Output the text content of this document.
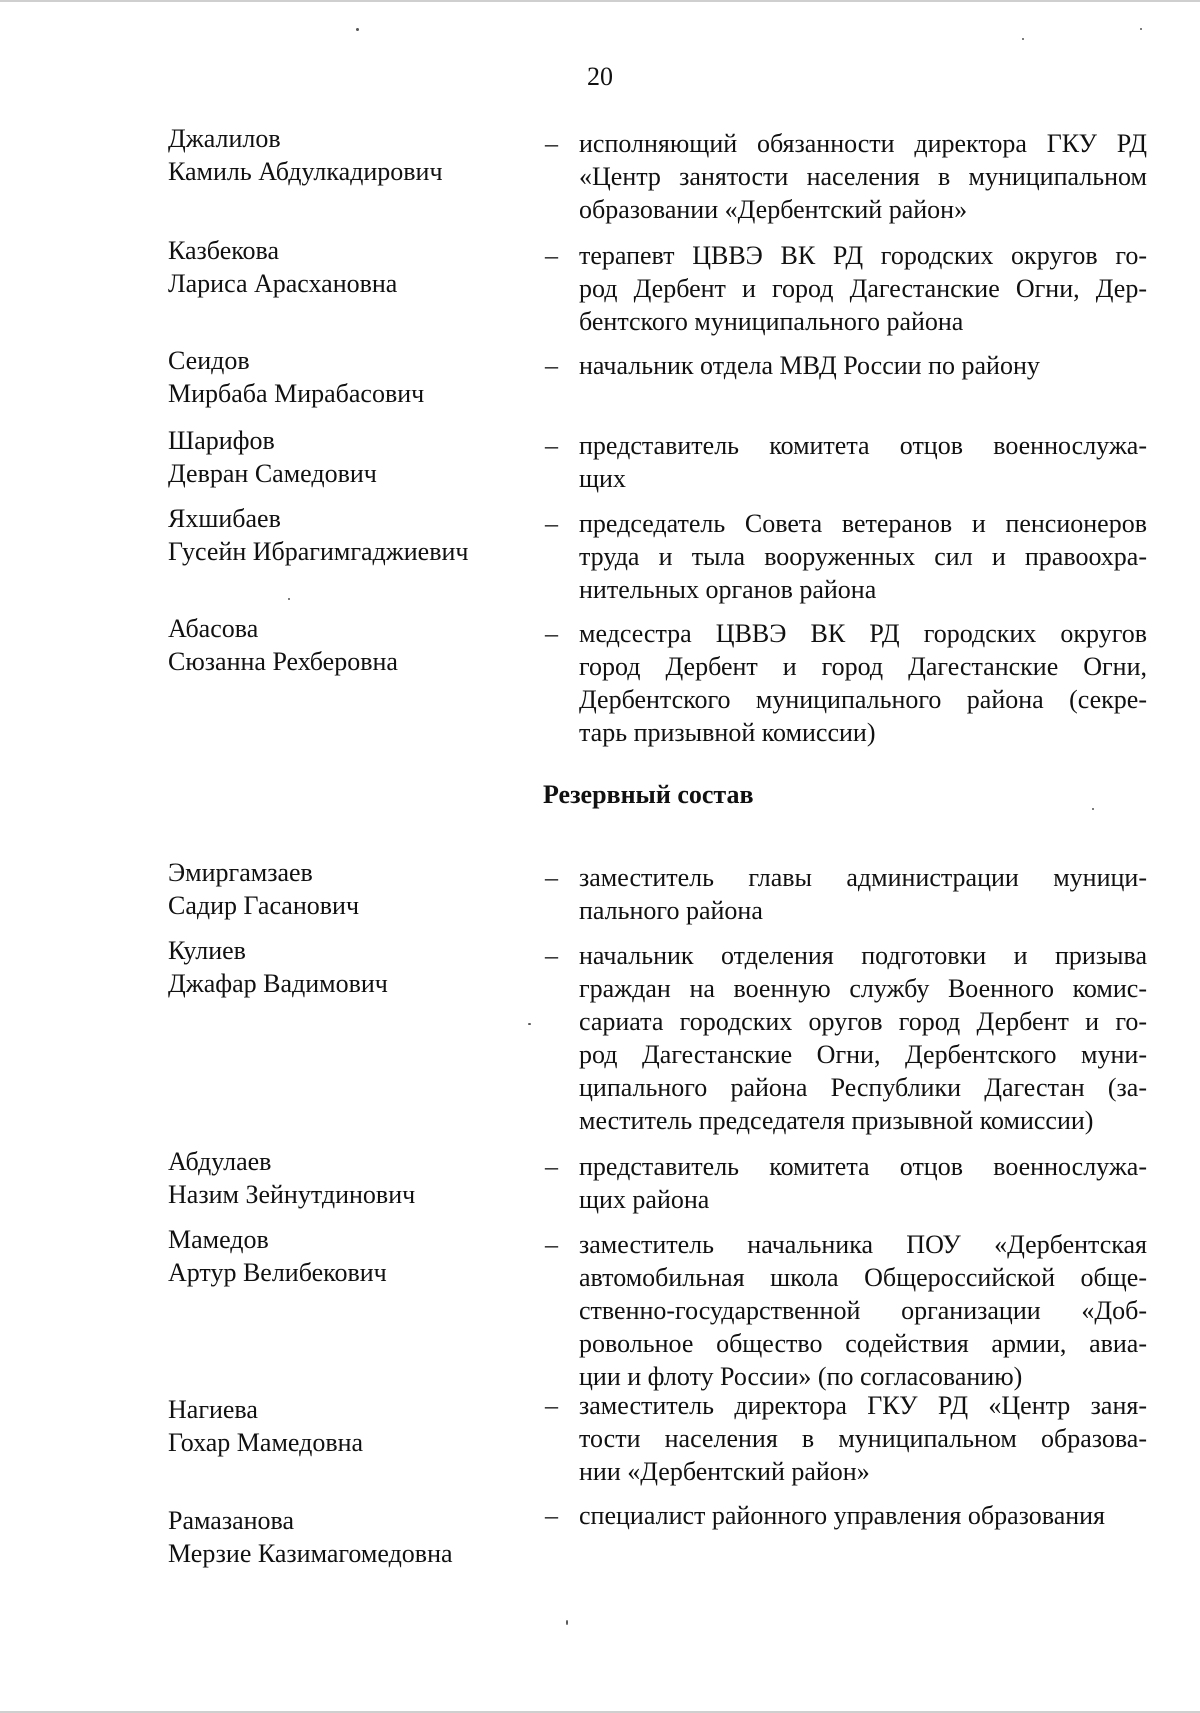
20
Джалилов
Камиль Абдулкадирович
– исполняющий обязанности директора ГКУ РД
«Центр занятости населения в муниципальном
образовании «Дербентский район»
Казбекова
Лариса Арасхановна
– терапевт ЦВВЭ ВК РД городских округов го-
род Дербент и город Дагестанские Огни, Дер-
бентского муниципального района
Сеидов
Мирбаба Мирабасович
– начальник отдела МВД России по району
Шарифов
Девран Самедович
– представитель комитета отцов военнослужа-
щих
Яхшибаев
Гусейн Ибрагимгаджиевич
– председатель Совета ветеранов и пенсионеров
труда и тыла вооруженных сил и правоохра-
нительных органов района
Абасова
Сюзанна Рехберовна
– медсестра ЦВВЭ ВК РД городских округов
город Дербент и город Дагестанские Огни,
Дербентского муниципального района (секре-
тарь призывной комиссии)
Резервный состав
Эмиргамзаев
Садир Гасанович
– заместитель главы администрации муници-
пального района
Кулиев
Джафар Вадимович
– начальник отделения подготовки и призыва
граждан на военную службу Военного комис-
сариата городских оругов город Дербент и го-
род Дагестанские Огни, Дербентского муни-
ципального района Республики Дагестан (за-
меститель председателя призывной комиссии)
Абдулаев
Назим Зейнутдинович
– представитель комитета отцов военнослужа-
щих района
Мамедов
Артур Велибекович
– заместитель начальника ПОУ «Дербентская
автомобильная школа Общероссийской обще-
ственно-государственной организации «Доб-
ровольное общество содействия армии, авиа-
ции и флоту России» (по согласованию)
Нагиева
Гохар Мамедовна
– заместитель директора ГКУ РД «Центр заня-
тости населения в муниципальном образова-
нии «Дербентский район»
Рамазанова
Мерзие Казимагомедовна
– специалист районного управления образования
